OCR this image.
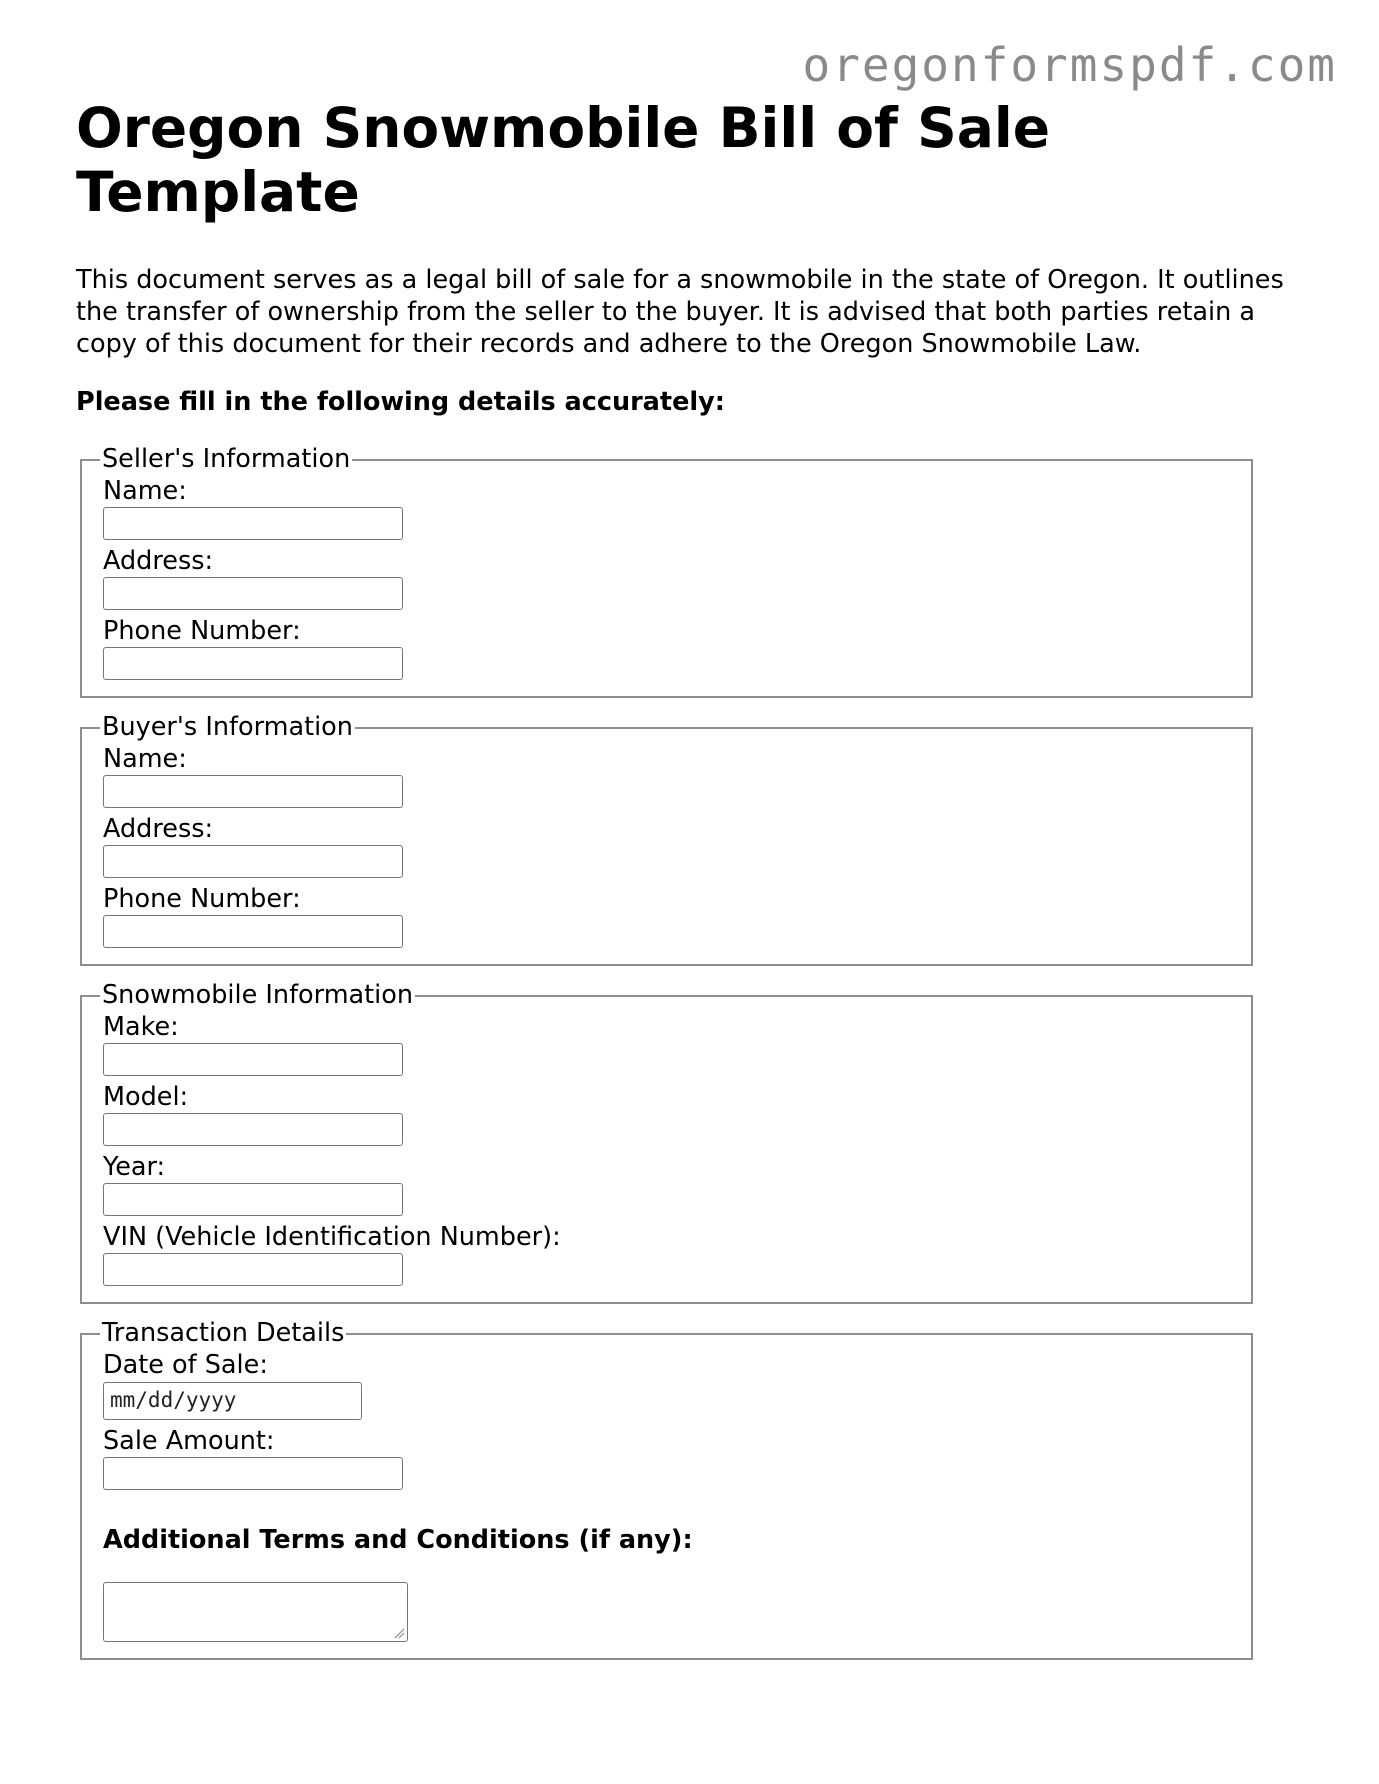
oregonformspdf.com
Oregon Snowmobile Bill of Sale Template

This document serves as a legal bill of sale for a snowmobile in the state of Oregon. It outlines the transfer of ownership from the seller to the buyer. It is advised that both parties retain a copy of this document for their records and adhere to the Oregon Snowmobile Law.

Please fill in the following details accurately:

Seller's Information
Name:
Address:
Phone Number:
Buyer's Information
Name:
Address:
Phone Number:
Snowmobile Information
Make:
Model:
Year:
VIN (Vehicle Identification Number):
Transaction Details
Date of Sale:
mm/dd/yyyy
Sale Amount:

Additional Terms and Conditions (if any):
